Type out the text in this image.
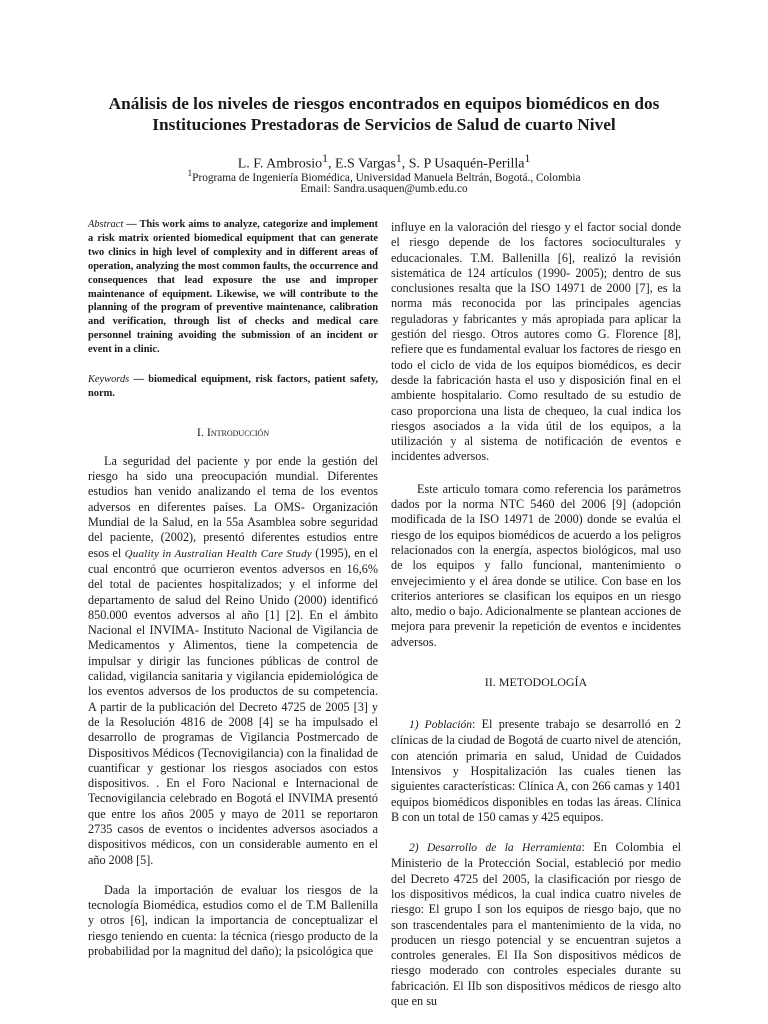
Análisis de los niveles de riesgos encontrados en equipos biomédicos en dos
Instituciones Prestadoras de Servicios de Salud de cuarto Nivel
L. F. Ambrosio$^1$, E.S Vargas$^1$, S. P Usaquén-Perilla$^1$
$^1$Programa de Ingeniería Biomédica, Universidad Manuela Beltrán, Bogotá., Colombia
Email: Sandra.usaquen@umb.edu.co
Abstract — This work aims to analyze, categorize and implement a risk matrix oriented biomedical equipment that can generate two clinics in high level of complexity and in different areas of operation, analyzing the most common faults, the occurrence and consequences that lead exposure the use and improper maintenance of equipment. Likewise, we will contribute to the planning of the program of preventive maintenance, calibration and verification, through list of checks and medical care personnel training avoiding the submission of an incident or event in a clinic.
Keywords — biomedical equipment, risk factors, patient safety, norm.
I. Introducción

La seguridad del paciente y por ende la gestión del riesgo ha sido una preocupación mundial. Diferentes estudios han venido analizando el tema de los eventos adversos en diferentes países. La OMS- Organización Mundial de la Salud, en la 55a Asamblea sobre seguridad del paciente, (2002), presentó diferentes estudios entre esos el Quality in Australian Health Care Study (1995), en el cual encontró que ocurrieron eventos adversos en 16,6% del total de pacientes hospitalizados; y el informe del departamento de salud del Reino Unido (2000) identificó 850.000 eventos adversos al año [1] [2]. En el ámbito Nacional el INVIMA- Instituto Nacional de Vigilancia de Medicamentos y Alimentos, tiene la competencia de impulsar y dirigir las funciones públicas de control de calidad, vigilancia sanitaria y vigilancia epidemiológica de los eventos adversos de los productos de su competencia. A partir de la publicación del Decreto 4725 de 2005 [3] y de la Resolución 4816 de 2008 [4] se ha impulsado el desarrollo de programas de Vigilancia Postmercado de Dispositivos Médicos (Tecnovigilancia) con la finalidad de cuantificar y gestionar los riesgos asociados con estos dispositivos. . En el Foro Nacional e Internacional de Tecnovigilancia celebrado en Bogotá el INVIMA presentó que entre los años 2005 y mayo de 2011 se reportaron 2735 casos de eventos o incidentes adversos asociados a dispositivos médicos, con un considerable aumento en el año 2008 [5].

Dada la importación de evaluar los riesgos de la tecnología Biomédica, estudios como el de T.M Ballenilla y otros [6], indican la importancia de conceptualizar el riesgo teniendo en cuenta: la técnica (riesgo producto de la probabilidad por la magnitud del daño); la psicológica que

influye en la valoración del riesgo y el factor social donde el riesgo depende de los factores socioculturales y educacionales. T.M. Ballenilla [6], realizó la revisión sistemática de 124 artículos (1990- 2005); dentro de sus conclusiones resalta que la ISO 14971 de 2000 [7], es la norma más reconocida por las principales agencias reguladoras y fabricantes y más apropiada para aplicar la gestión del riesgo. Otros autores como G. Florence [8], refiere que es fundamental evaluar los factores de riesgo en todo el ciclo de vida de los equipos biomédicos, es decir desde la fabricación hasta el uso y disposición final en el ambiente hospitalario. Como resultado de su estudio de caso proporciona una lista de chequeo, la cual indica los riesgos asociados a la vida útil de los equipos, a la utilización y al sistema de notificación de eventos e incidentes adversos.

Este articulo tomara como referencia los parámetros dados por la norma NTC 5460 del 2006 [9] (adopción modificada de la ISO 14971 de 2000) donde se evalúa el riesgo de los equipos biomédicos de acuerdo a los peligros relacionados con la energía, aspectos biológicos, mal uso de los equipos y fallo funcional, mantenimiento o envejecimiento y el área donde se utilice. Con base en los criterios anteriores se clasifican los equipos en un riesgo alto, medio o bajo. Adicionalmente se plantean acciones de mejora para prevenir la repetición de eventos e incidentes adversos.

II. METODOLOGÍA

1) Población: El presente trabajo se desarrolló en 2 clínicas de la ciudad de Bogotá de cuarto nivel de atención, con atención primaria en salud, Unidad de Cuidados Intensivos y Hospitalización las cuales tienen las siguientes características: Clínica A, con 266 camas y 1401 equipos biomédicos disponibles en todas las áreas. Clínica B con un total de 150 camas y 425 equipos.

2) Desarrollo de la Herramienta: En Colombia el Ministerio de la Protección Social, estableció por medio del Decreto 4725 del 2005, la clasificación por riesgo de los dispositivos médicos, la cual indica cuatro niveles de riesgo: El grupo I son los equipos de riesgo bajo, que no son trascendentales para el mantenimiento de la vida, no producen un riesgo potencial y se encuentran sujetos a controles generales. El IIa Son dispositivos médicos de riesgo moderado con controles especiales durante su fabricación. El IIb son dispositivos médicos de riesgo alto que en su
